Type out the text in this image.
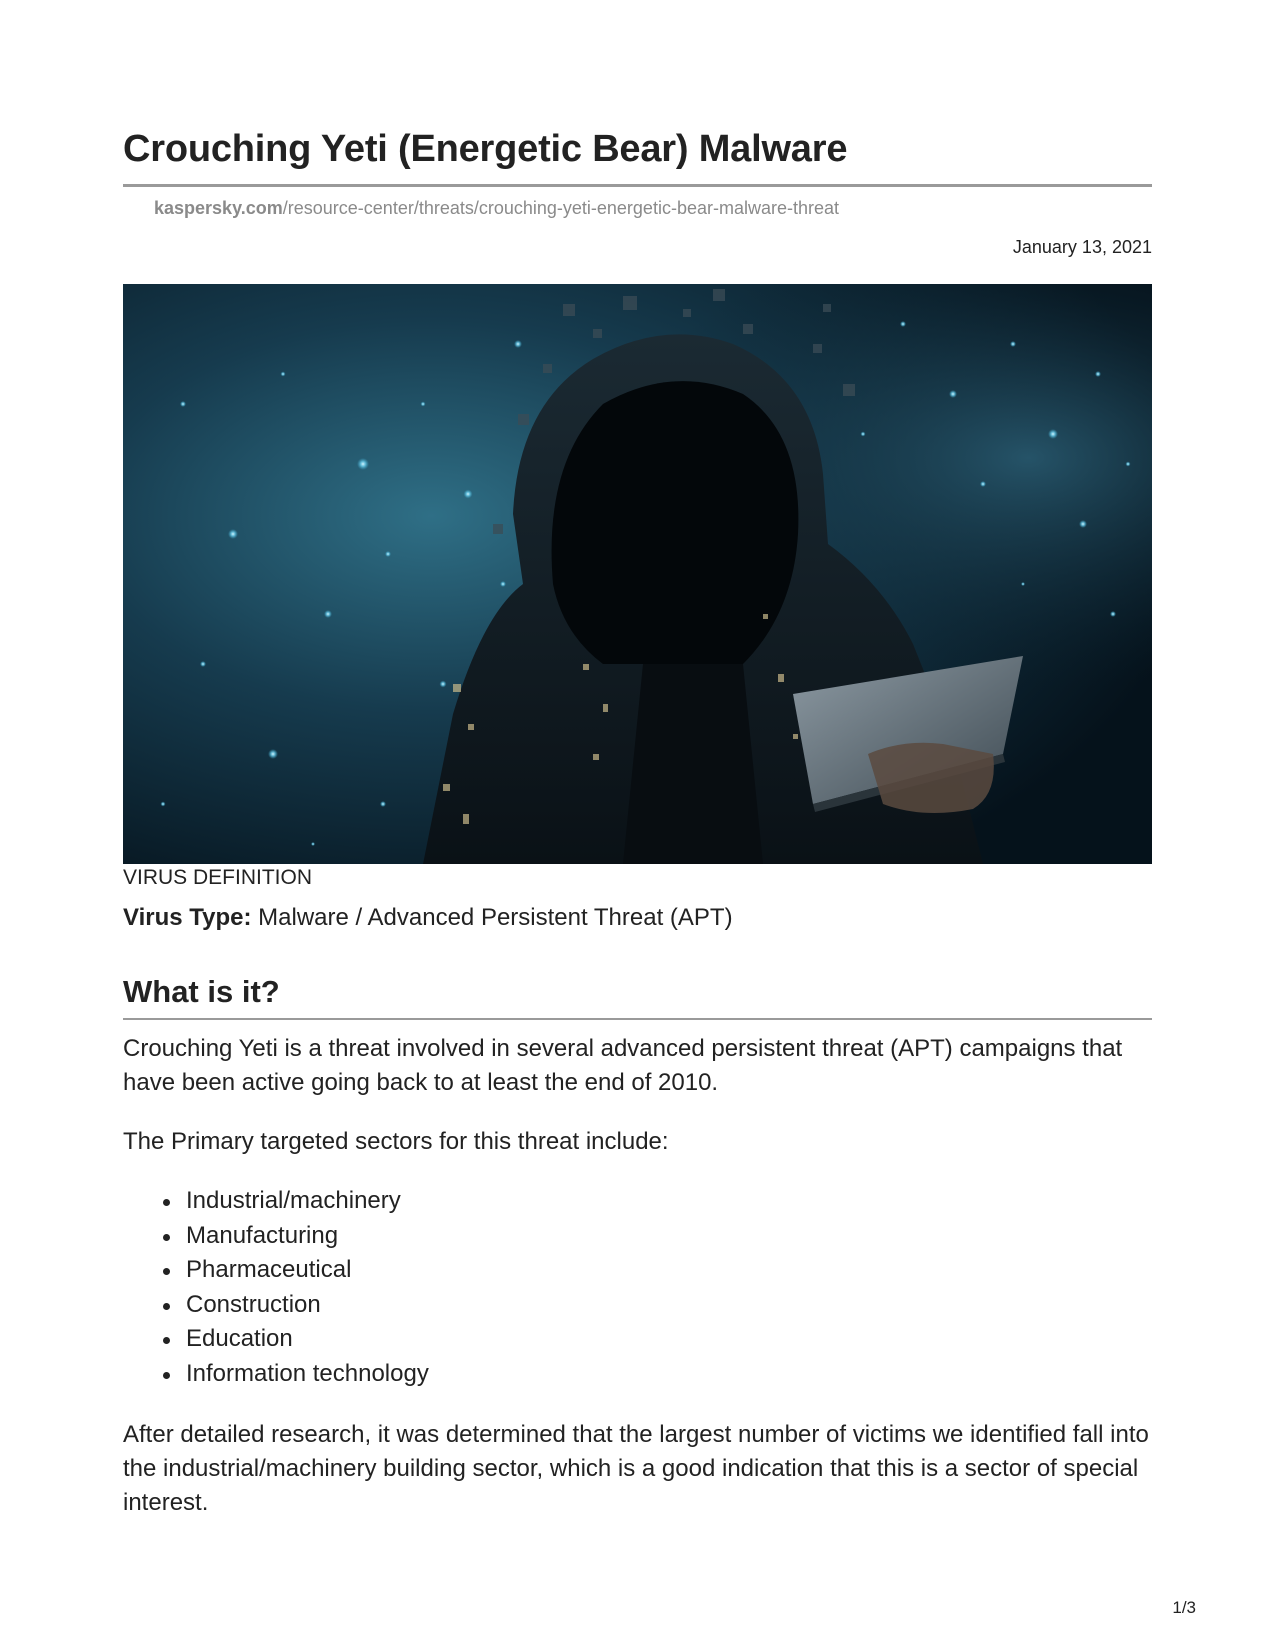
Crouching Yeti (Energetic Bear) Malware
kaspersky.com/resource-center/threats/crouching-yeti-energetic-bear-malware-threat
January 13, 2021
VIRUS DEFINITION
Virus Type: Malware / Advanced Persistent Threat (APT)
What is it?

Crouching Yeti is a threat involved in several advanced persistent threat (APT) campaigns that have been active going back to at least the end of 2010.

The Primary targeted sectors for this threat include:

Industrial/machinery
Manufacturing
Pharmaceutical
Construction
Education
Information technology

After detailed research, it was determined that the largest number of victims we identified fall into the industrial/machinery building sector, which is a good indication that this is a sector of special interest.

1/3
